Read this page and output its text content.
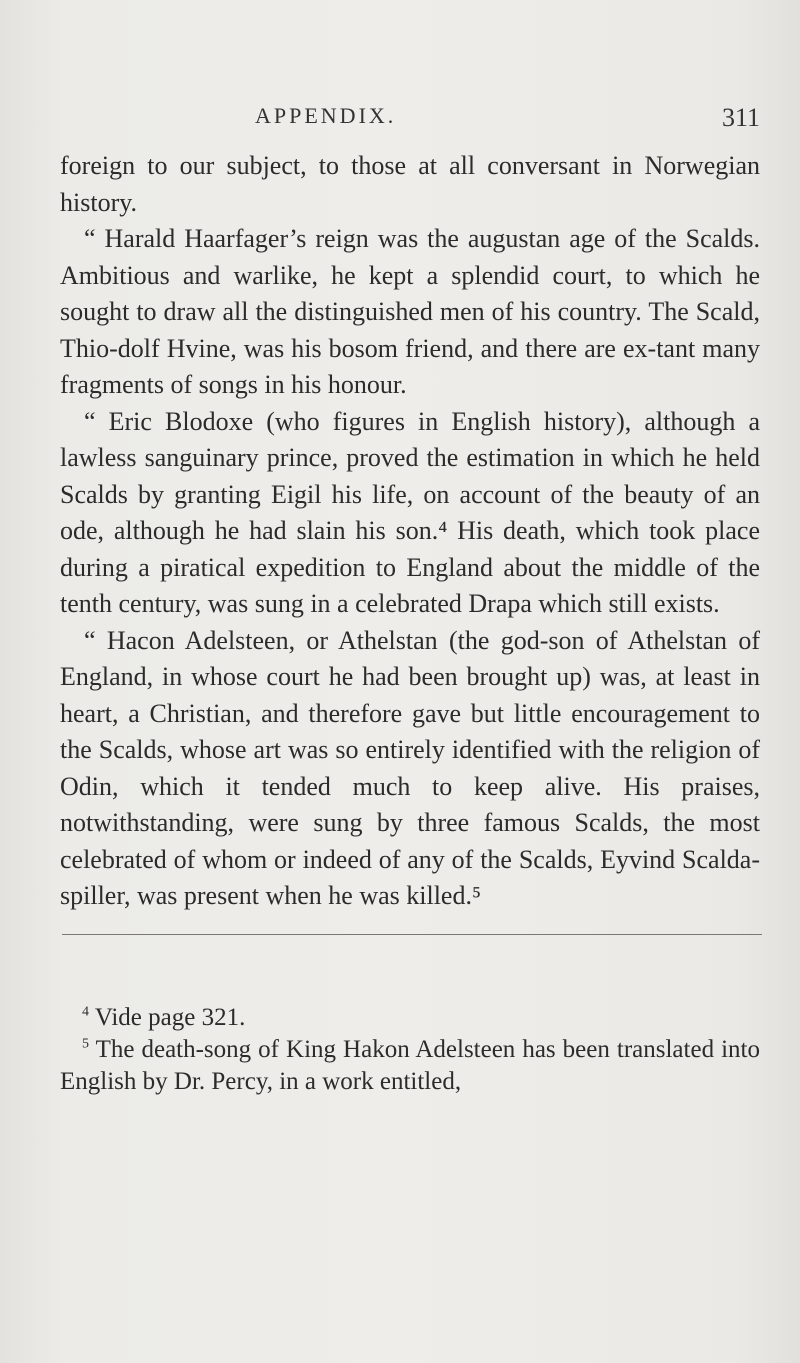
APPENDIX.	311

foreign to our subject, to those at all conversant in Norwegian history.

“ Harald Haarfager’s reign was the augustan age of the Scalds. Ambitious and warlike, he kept a splendid court, to which he sought to draw all the distinguished men of his country. The Scald, Thio-dolf Hvine, was his bosom friend, and there are ex-tant many fragments of songs in his honour.

“ Eric Blodoxe (who figures in English history), although a lawless sanguinary prince, proved the estimation in which he held Scalds by granting Eigil his life, on account of the beauty of an ode, although he had slain his son.⁴ His death, which took place during a piratical expedition to England about the middle of the tenth century, was sung in a celebrated Drapa which still exists.

“ Hacon Adelsteen, or Athelstan (the god-son of Athelstan of England, in whose court he had been brought up) was, at least in heart, a Christian, and therefore gave but little encouragement to the Scalds, whose art was so entirely identified with the religion of Odin, which it tended much to keep alive. His praises, notwithstanding, were sung by three famous Scalds, the most celebrated of whom or indeed of any of the Scalds, Eyvind Scalda-spiller, was present when he was killed.⁵

$^4$ Vide page 321.

$^5$ The death-song of King Hakon Adelsteen has been translated into English by Dr. Percy, in a work entitled,
